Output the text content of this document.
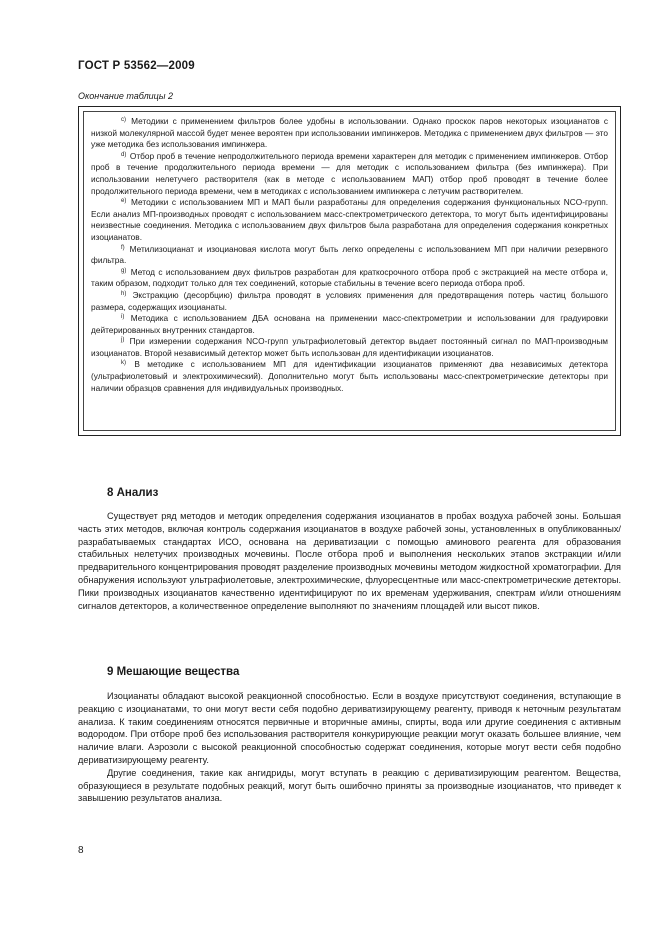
ГОСТ Р 53562—2009
Окончание таблицы 2

$^{c)}$ Методики с применением фильтров более удобны в использовании. Однако проскок паров некоторых изоцианатов с низкой молекулярной массой будет менее вероятен при использовании импинжеров. Методика с применением двух фильтров — это уже методика без использования импинжера.

$^{d)}$ Отбор проб в течение непродолжительного периода времени характерен для методик с применением импинжеров. Отбор проб в течение продолжительного периода времени — для методик с использованием фильтра (без импинжера). При использовании нелетучего растворителя (как в методе с использованием МАП) отбор проб проводят в течение более продолжительного периода времени, чем в методиках с использованием импинжера с летучим растворителем.

$^{e)}$ Методики с использованием МП и МАП были разработаны для определения содержания функциональных NCO-групп. Если анализ МП-производных проводят с использованием масс-спектрометрического детектора, то могут быть идентифицированы неизвестные соединения. Методика с использованием двух фильтров была разработана для определения содержания конкретных изоцианатов.

$^{f)}$ Метилизоцианат и изоциановая кислота могут быть легко определены с использованием МП при наличии резервного фильтра.

$^{g)}$ Метод с использованием двух фильтров разработан для краткосрочного отбора проб с экстракцией на месте отбора и, таким образом, подходит только для тех соединений, которые стабильны в течение всего периода отбора проб.

$^{h)}$ Экстракцию (десорбцию) фильтра проводят в условиях применения для предотвращения потерь частиц большого размера, содержащих изоцианаты.

$^{i)}$ Методика с использованием ДБА основана на применении масс-спектрометрии и использовании для градуировки дейтерированных внутренних стандартов.

$^{j)}$ При измерении содержания NCO-групп ультрафиолетовый детектор выдает постоянный сигнал по МАП-производным изоцианатов. Второй независимый детектор может быть использован для идентификации изоцианатов.

$^{k)}$ В методике с использованием МП для идентификации изоцианатов применяют два независимых детектора (ультрафиолетовый и электрохимический). Дополнительно могут быть использованы масс-спектрометрические детекторы при наличии образцов сравнения для индивидуальных производных.

8 Анализ

Существует ряд методов и методик определения содержания изоцианатов в пробах воздуха рабочей зоны. Большая часть этих методов, включая контроль содержания изоцианатов в воздухе рабочей зоны, установленных в опубликованных/разрабатываемых стандартах ИСО, основана на дериватизации с помощью аминового реагента для образования стабильных нелетучих производных мочевины. После отбора проб и выполнения нескольких этапов экстракции и/или предварительного концентрирования проводят разделение производных мочевины методом жидкостной хроматографии. Для обнаружения используют ультрафиолетовые, электрохимические, флуоресцентные или масс-спектрометрические детекторы. Пики производных изоцианатов качественно идентифицируют по их временам удерживания, спектрам и/или отношениям сигналов детекторов, а количественное определение выполняют по значениям площадей или высот пиков.

9 Мешающие вещества

Изоцианаты обладают высокой реакционной способностью. Если в воздухе присутствуют соединения, вступающие в реакцию с изоцианатами, то они могут вести себя подобно дериватизирующему реагенту, приводя к неточным результатам анализа. К таким соединениям относятся первичные и вторичные амины, спирты, вода или другие соединения с активным водородом. При отборе проб без использования растворителя конкурирующие реакции могут оказать большее влияние, чем наличие влаги. Аэрозоли с высокой реакционной способностью содержат соединения, которые могут вести себя подобно дериватизирующему реагенту.

Другие соединения, такие как ангидриды, могут вступать в реакцию с дериватизирующим реагентом. Вещества, образующиеся в результате подобных реакций, могут быть ошибочно приняты за производные изоцианатов, что приведет к завышению результатов анализа.

8
